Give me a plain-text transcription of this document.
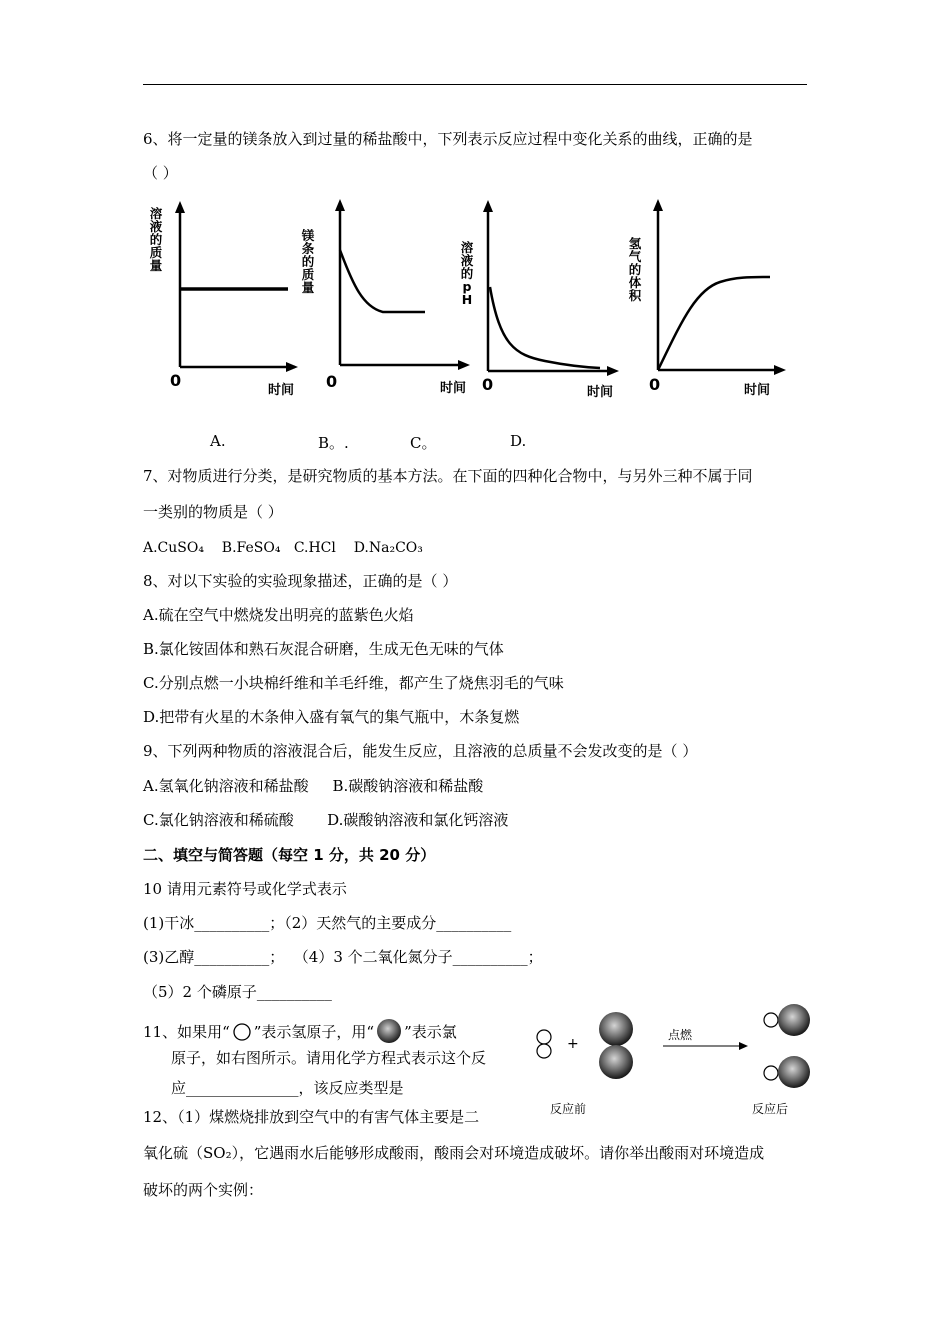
6、将一定量的镁条放入到过量的稀盐酸中，下列表示反应过程中变化关系的曲线，正确的是
（ ）
溶液的质量
0
时间
镁条的质量
0	时间
溶液的pH
0	时间
氢气的体积
0	时间
A.	B。.	C。	D.
7、对物质进行分类，是研究物质的基本方法。在下面的四种化合物中，与另外三种不属于同
一类别的物质是（ ）
A.CuSO₄ B.FeSO₄ C.HCl D.Na₂CO₃
8、对以下实验的实验现象描述，正确的是（ ）
A.硫在空气中燃烧发出明亮的蓝紫色火焰
B.氯化铵固体和熟石灰混合研磨，生成无色无味的气体
C.分别点燃一小块棉纤维和羊毛纤维，都产生了烧焦羽毛的气味
D.把带有火星的木条伸入盛有氧气的集气瓶中，木条复燃
9、下列两种物质的溶液混合后，能发生反应，且溶液的总质量不会发改变的是（ ）
A.氢氧化钠溶液和稀盐酸     B.碳酸钠溶液和稀盐酸
C.氯化钠溶液和稀硫酸       D.碳酸钠溶液和氯化钙溶液
二、填空与简答题（每空 1 分，共 20 分）
10 请用元素符号或化学式表示
(1)干冰__________；（2）天然气的主要成分__________
(3)乙醇__________；  （4）3 个二氧化氮分子__________；
（5）2 个磷原子__________
11、如果用“ ”表示氢原子，用“ ”表示氯
原子，如右图所示。请用化学方程式表示这个反
应_______________，该反应类型是
+
点燃
反应前	反应后
12、（1）煤燃烧排放到空气中的有害气体主要是二
氧化硫（SO₂），它遇雨水后能够形成酸雨，酸雨会对环境造成破坏。请你举出酸雨对环境造成
破坏的两个实例：
